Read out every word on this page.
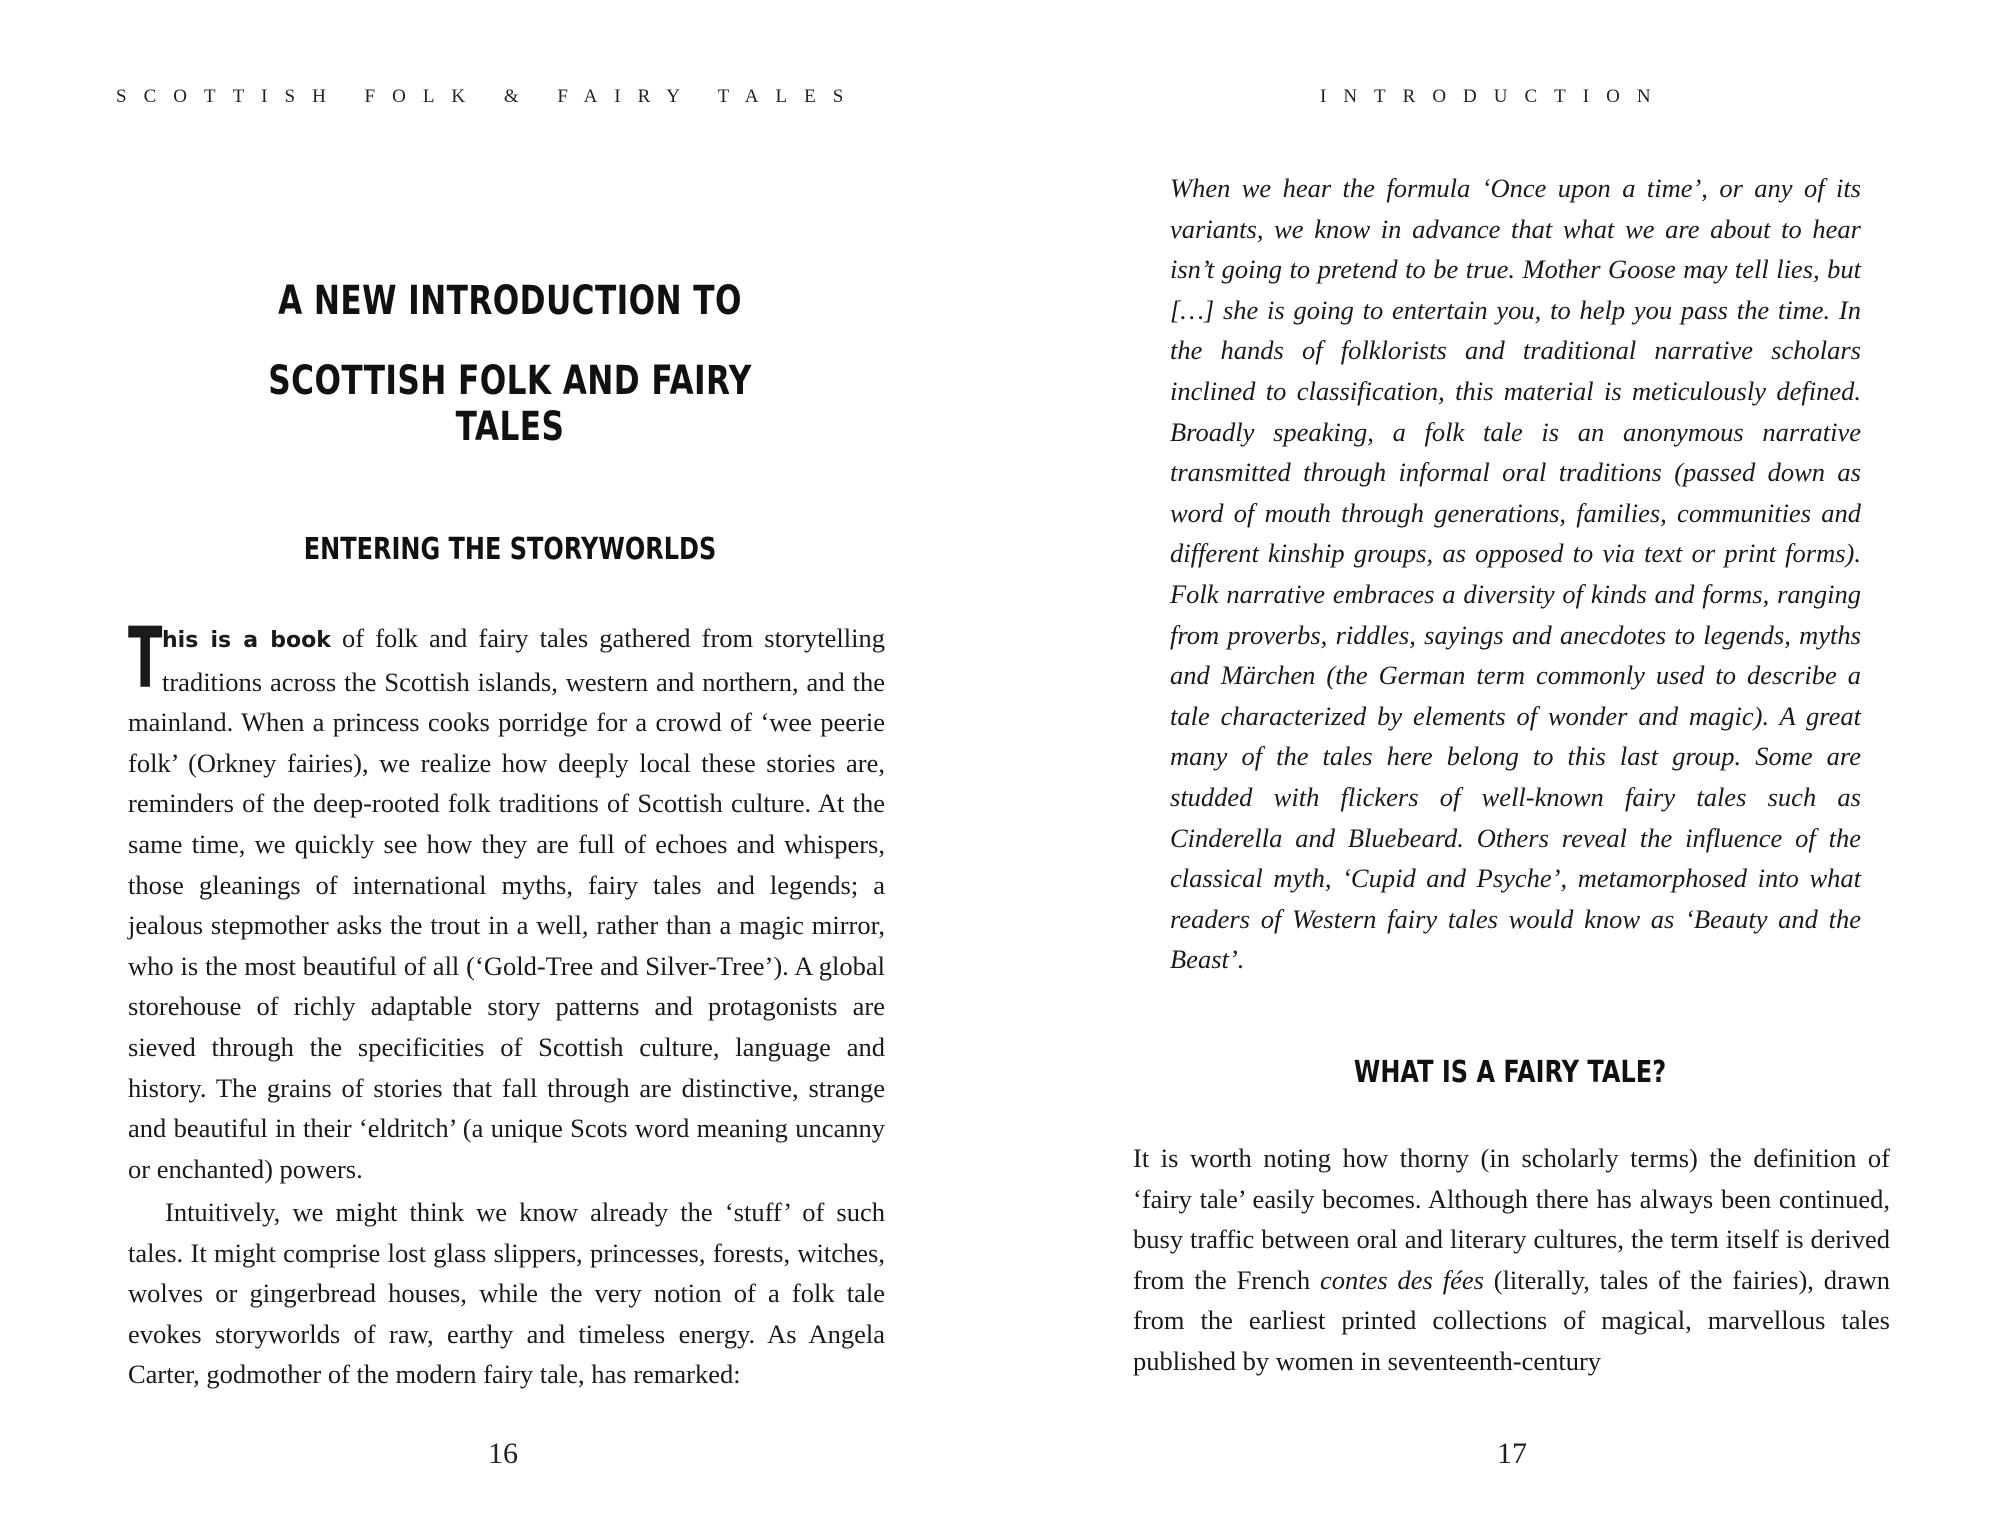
SCOTTISH FOLK & FAIRY TALES
A NEW INTRODUCTION TO
SCOTTISH FOLK AND FAIRY TALES
ENTERING THE STORYWORLDS
This is a book of folk and fairy tales gathered from storytelling traditions across the Scottish islands, western and northern, and the mainland. When a princess cooks porridge for a crowd of ‘wee peerie folk’ (Orkney fairies), we realize how deeply local these stories are, reminders of the deep-rooted folk traditions of Scottish culture. At the same time, we quickly see how they are full of echoes and whispers, those gleanings of international myths, fairy tales and legends; a jealous stepmother asks the trout in a well, rather than a magic mirror, who is the most beautiful of all (‘Gold-Tree and Silver-Tree’). A global storehouse of richly adaptable story patterns and protagonists are sieved through the specificities of Scottish culture, language and history. The grains of stories that fall through are distinctive, strange and beautiful in their ‘eldritch’ (a unique Scots word meaning uncanny or enchanted) powers.
Intuitively, we might think we know already the ‘stuff’ of such tales. It might comprise lost glass slippers, princesses, forests, witches, wolves or gingerbread houses, while the very notion of a folk tale evokes storyworlds of raw, earthy and timeless energy. As Angela Carter, godmother of the modern fairy tale, has remarked:
16
INTRODUCTION
When we hear the formula ‘Once upon a time’, or any of its variants, we know in advance that what we are about to hear isn’t going to pretend to be true. Mother Goose may tell lies, but […] she is going to entertain you, to help you pass the time. In the hands of folklorists and traditional narrative scholars inclined to classification, this material is meticulously defined. Broadly speaking, a folk tale is an anonymous narrative transmitted through informal oral traditions (passed down as word of mouth through generations, families, communities and different kinship groups, as opposed to via text or print forms). Folk narrative embraces a diversity of kinds and forms, ranging from proverbs, riddles, sayings and anecdotes to legends, myths and Märchen (the German term commonly used to describe a tale characterized by elements of wonder and magic). A great many of the tales here belong to this last group. Some are studded with flickers of well-known fairy tales such as Cinderella and Bluebeard. Others reveal the influence of the classical myth, ‘Cupid and Psyche’, metamorphosed into what readers of Western fairy tales would know as ‘Beauty and the Beast’.
WHAT IS A FAIRY TALE?
It is worth noting how thorny (in scholarly terms) the definition of ‘fairy tale’ easily becomes. Although there has always been continued, busy traffic between oral and literary cultures, the term itself is derived from the French contes des fées (literally, tales of the fairies), drawn from the earliest printed collections of magical, marvellous tales published by women in seventeenth-century
17
